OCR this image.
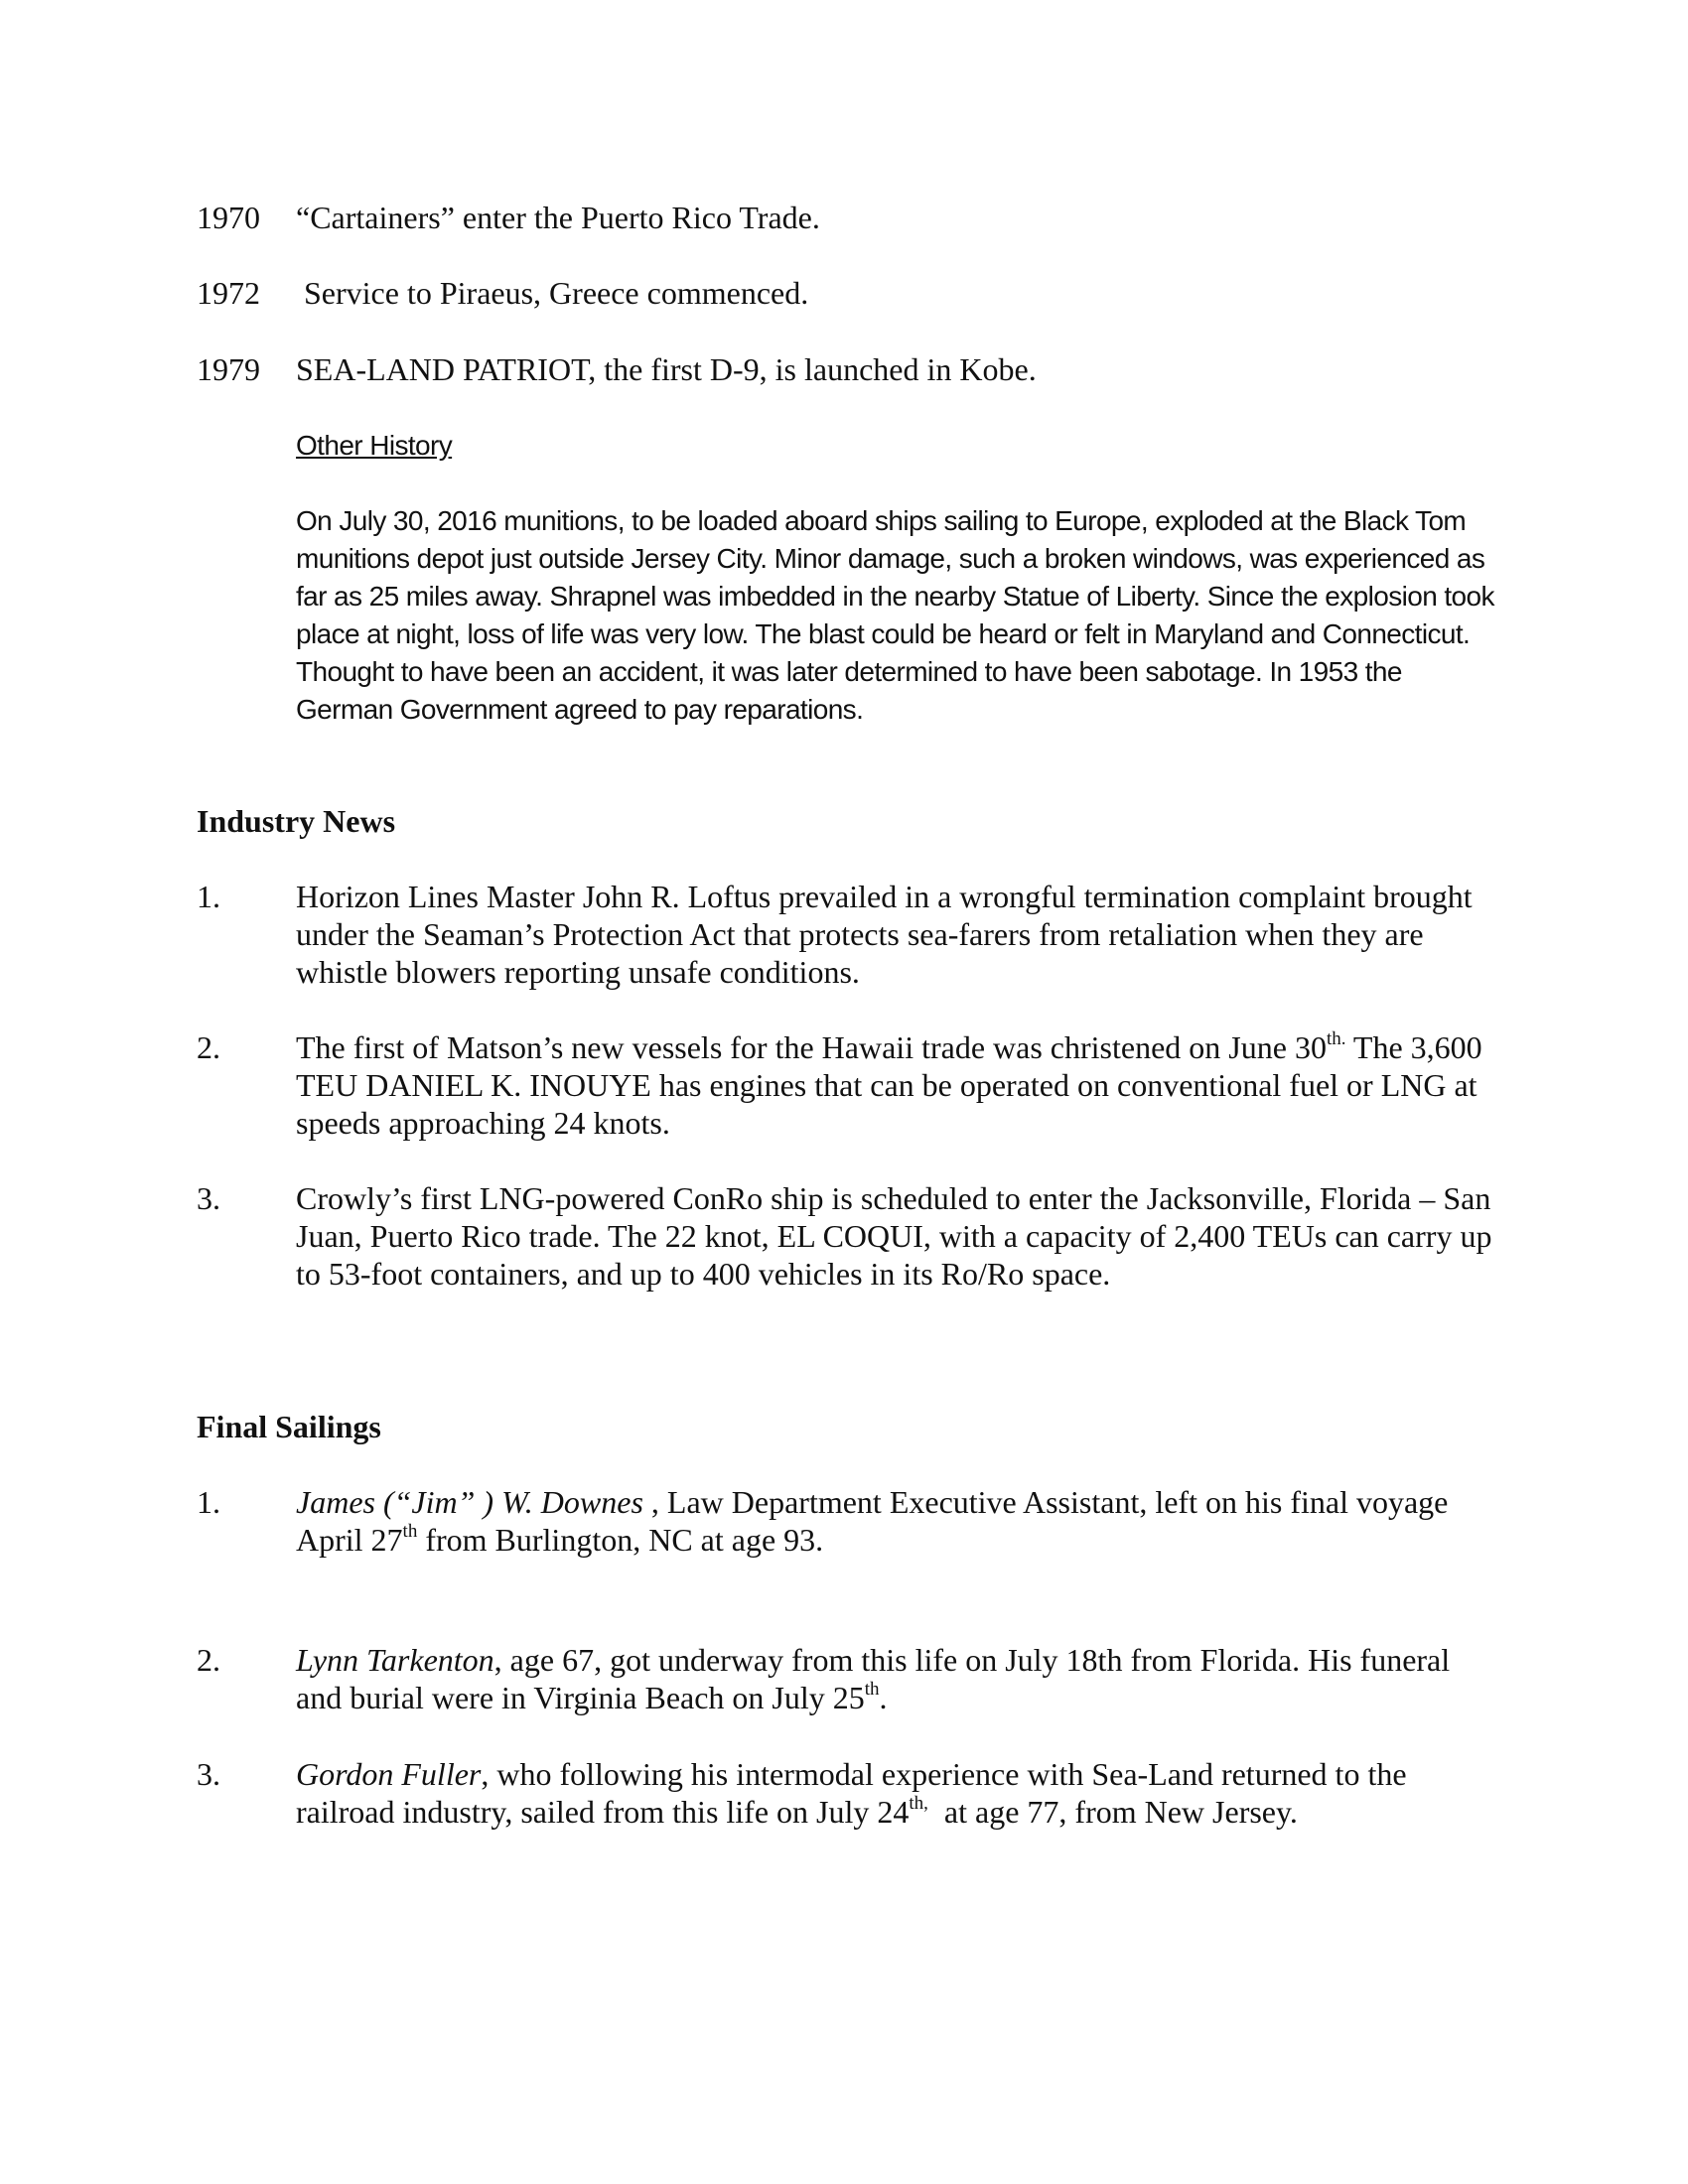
1970 “Cartainers” enter the Puerto Rico Trade.
1972 Service to Piraeus, Greece commenced.
1979 SEA-LAND PATRIOT, the first D-9, is launched in Kobe.
Other History
On July 30, 2016 munitions, to be loaded aboard ships sailing to Europe, exploded at the Black Tom munitions depot just outside Jersey City. Minor damage, such a broken windows, was experienced as far as 25 miles away. Shrapnel was imbedded in the nearby Statue of Liberty. Since the explosion took place at night, loss of life was very low. The blast could be heard or felt in Maryland and Connecticut. Thought to have been an accident, it was later determined to have been sabotage. In 1953 the German Government agreed to pay reparations.
Industry News
1. Horizon Lines Master John R. Loftus prevailed in a wrongful termination complaint brought under the Seaman’s Protection Act that protects sea-farers from retaliation when they are whistle blowers reporting unsafe conditions.
2. The first of Matson’s new vessels for the Hawaii trade was christened on June $30^{th.}$ The 3,600 TEU DANIEL K. INOUYE has engines that can be operated on conventional fuel or LNG at speeds approaching 24 knots.
3. Crowly’s first LNG-powered ConRo ship is scheduled to enter the Jacksonville, Florida – San Juan, Puerto Rico trade. The 22 knot, EL COQUI, with a capacity of 2,400 TEUs can carry up to 53-foot containers, and up to 400 vehicles in its Ro/Ro space.
Final Sailings
1. James (“Jim” ) W. Downes , Law Department Executive Assistant, left on his final voyage April 27th from Burlington, NC at age 93.
2. Lynn Tarkenton, age 67, got underway from this life on July 18th from Florida. His funeral and burial were in Virginia Beach on July 25th.
3. Gordon Fuller, who following his intermodal experience with Sea-Land returned to the railroad industry, sailed from this life on July $24^{th,}$  at age 77, from New Jersey.
